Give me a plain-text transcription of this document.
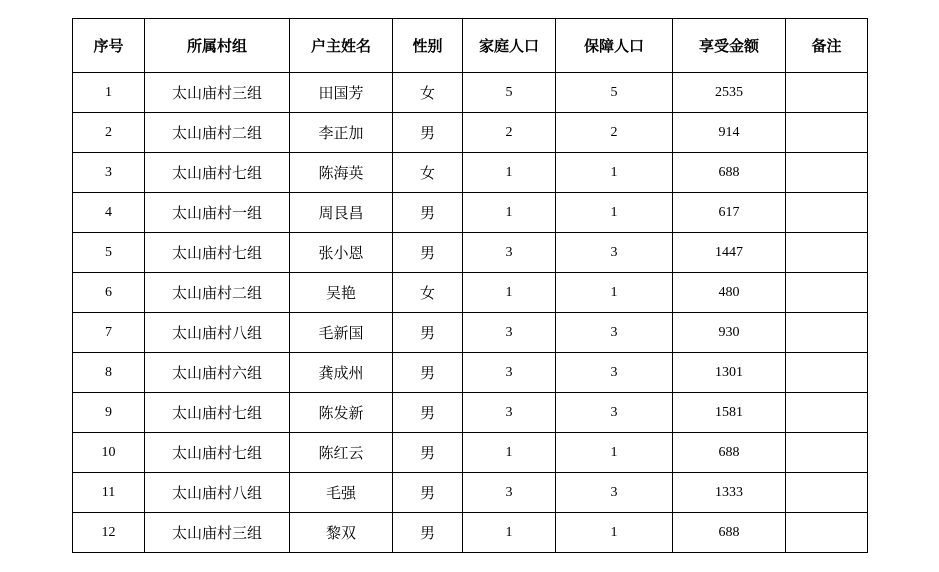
序号	所属村组	户主姓名	性别	家庭人口	保障人口	享受金额	备注
1	太山庙村三组	田国芳	女	5	5	2535	
2	太山庙村二组	李正加	男	2	2	914	
3	太山庙村七组	陈海英	女	1	1	688	
4	太山庙村一组	周艮昌	男	1	1	617	
5	太山庙村七组	张小恩	男	3	3	1447	
6	太山庙村二组	吴艳	女	1	1	480	
7	太山庙村八组	毛新国	男	3	3	930	
8	太山庙村六组	龚成州	男	3	3	1301	
9	太山庙村七组	陈发新	男	3	3	1581	
10	太山庙村七组	陈红云	男	1	1	688	
11	太山庙村八组	毛强	男	3	3	1333	
12	太山庙村三组	黎双	男	1	1	688	
